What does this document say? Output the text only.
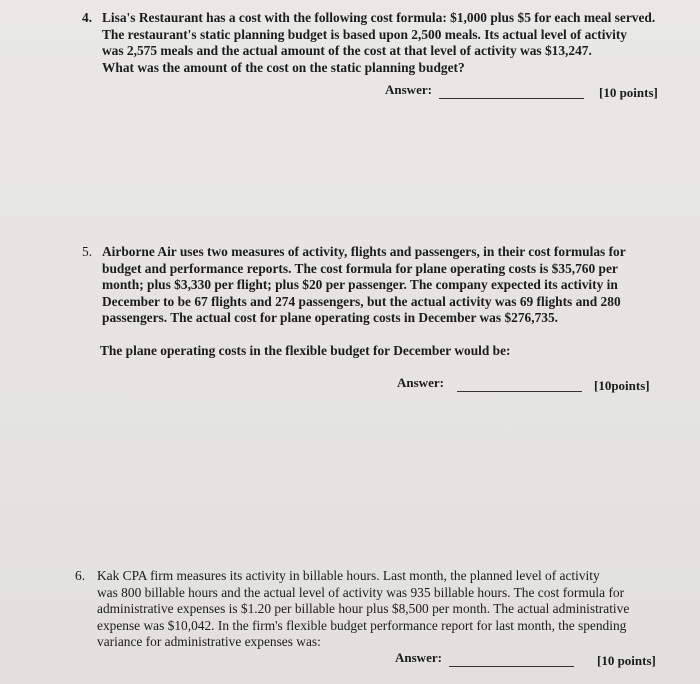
4. Lisa's Restaurant has a cost with the following cost formula: $1,000 plus $5 for each meal served.
The restaurant's static planning budget is based upon 2,500 meals. Its actual level of activity
was 2,575 meals and the actual amount of the cost at that level of activity was $13,247.
What was the amount of the cost on the static planning budget?
Answer:	[10 points]
5. Airborne Air uses two measures of activity, flights and passengers, in their cost formulas for
budget and performance reports. The cost formula for plane operating costs is $35,760 per
month; plus $3,330 per flight; plus $20 per passenger. The company expected its activity in
December to be 67 flights and 274 passengers, but the actual activity was 69 flights and 280
passengers. The actual cost for plane operating costs in December was $276,735.
The plane operating costs in the flexible budget for December would be:
Answer:	[10points]
6. Kak CPA firm measures its activity in billable hours. Last month, the planned level of activity
was 800 billable hours and the actual level of activity was 935 billable hours. The cost formula for
administrative expenses is $1.20 per billable hour plus $8,500 per month. The actual administrative
expense was $10,042. In the firm's flexible budget performance report for last month, the spending
variance for administrative expenses was:
Answer:	[10 points]
